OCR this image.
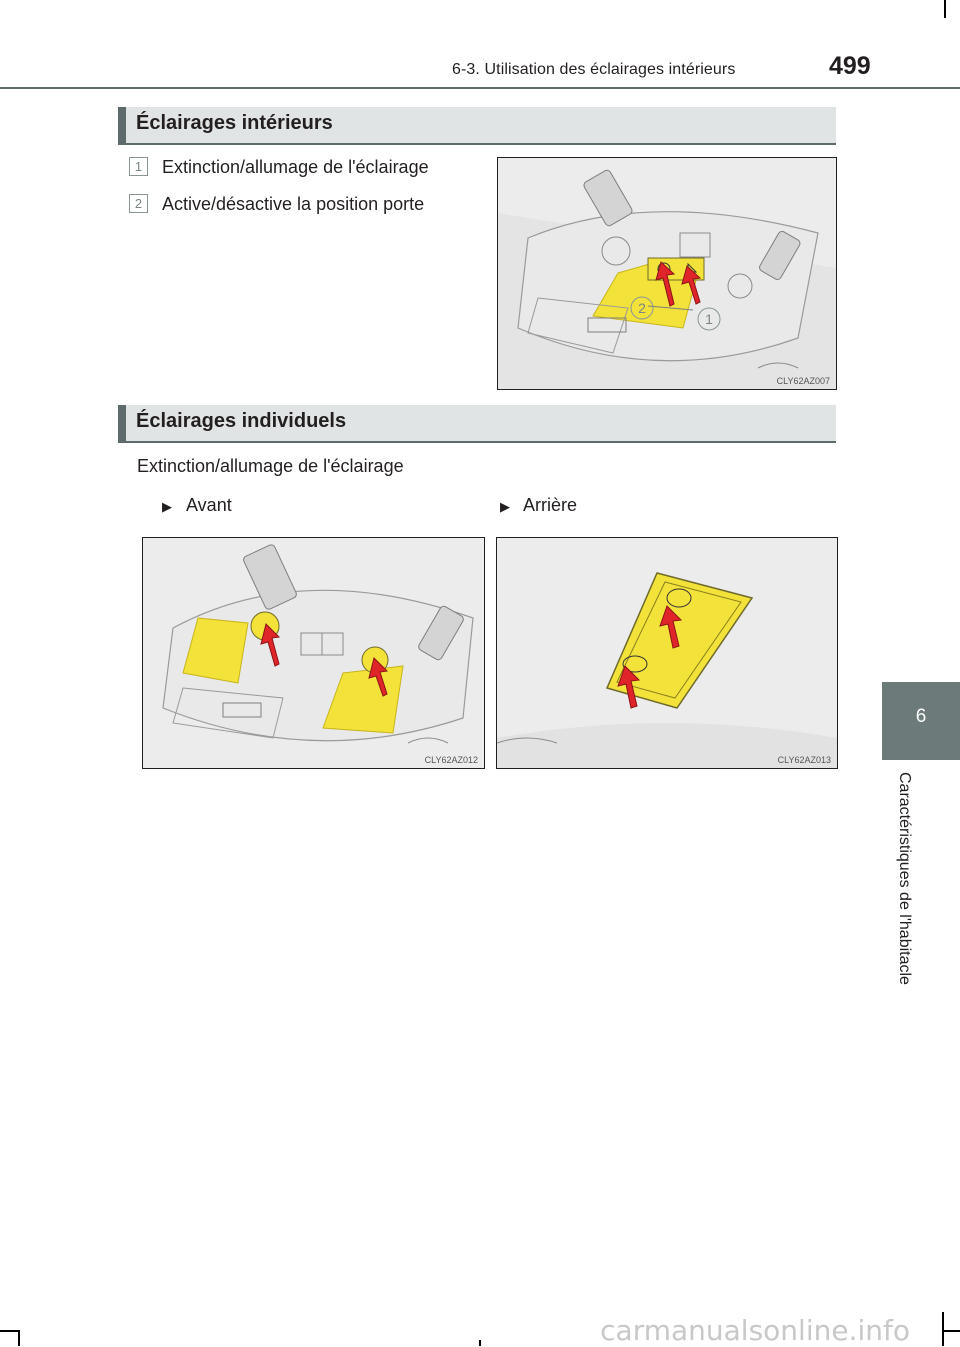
6-3. Utilisation des éclairages intérieurs	499
6
Caractéristiques de l'habitacle
Éclairages intérieurs
1	Extinction/allumage de l'éclairage
2	Active/désactive la position porte
2
1
CLY62AZ007
Éclairages individuels
Extinction/allumage de l'éclairage
▶ Avant	▶ Arrière
CLY62AZ012	CLY62AZ013
carmanualsonline.info
